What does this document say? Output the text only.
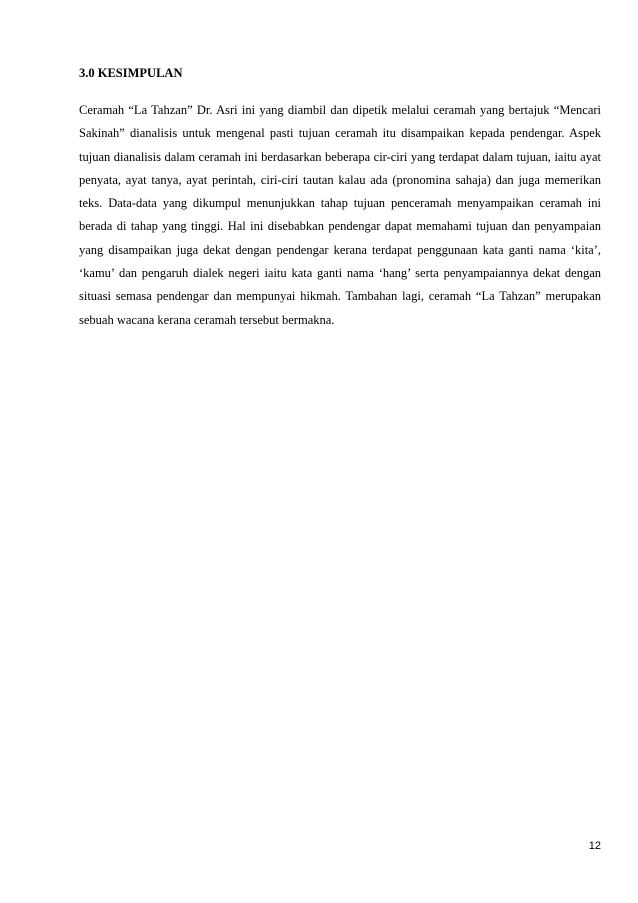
3.0 KESIMPULAN

Ceramah “La Tahzan” Dr. Asri ini yang diambil dan dipetik melalui ceramah yang bertajuk “Mencari Sakinah” dianalisis untuk mengenal pasti tujuan ceramah itu disampaikan kepada pendengar. Aspek tujuan dianalisis dalam ceramah ini berdasarkan beberapa cir-ciri yang terdapat dalam tujuan, iaitu ayat penyata, ayat tanya, ayat perintah, ciri-ciri tautan kalau ada (pronomina sahaja) dan juga memerikan teks. Data-data yang dikumpul menunjukkan tahap tujuan penceramah menyampaikan ceramah ini berada di tahap yang tinggi. Hal ini disebabkan pendengar dapat memahami tujuan dan penyampaian yang disampaikan juga dekat dengan pendengar kerana terdapat penggunaan kata ganti nama ‘kita’, ‘kamu’ dan pengaruh dialek negeri iaitu kata ganti nama ‘hang’ serta penyampaiannya dekat dengan situasi semasa pendengar dan mempunyai hikmah. Tambahan lagi, ceramah “La Tahzan” merupakan sebuah wacana kerana ceramah tersebut bermakna.

12
